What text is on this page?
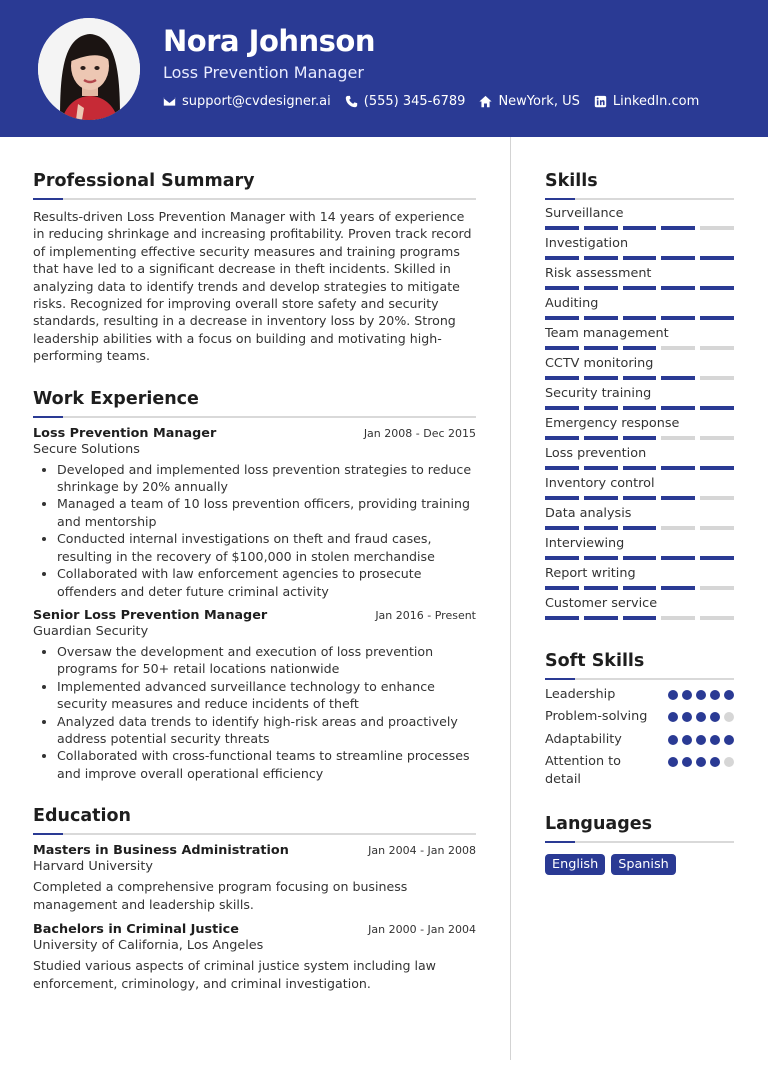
Nora Johnson
Loss Prevention Manager
support@cvdesigner.ai	(555) 345-6789	NewYork, US	LinkedIn.com
Professional Summary

Results-driven Loss Prevention Manager with 14 years of experience in reducing shrinkage and increasing profitability. Proven track record of implementing effective security measures and training programs that have led to a significant decrease in theft incidents. Skilled in analyzing data to identify trends and develop strategies to mitigate risks. Recognized for improving overall store safety and security standards, resulting in a decrease in inventory loss by 20%. Strong leadership abilities with a focus on building and motivating high-performing teams.

Work Experience
Loss Prevention Manager	Jan 2008 - Dec 2015
Secure Solutions
Developed and implemented loss prevention strategies to reduce shrinkage by 20% annually
Managed a team of 10 loss prevention officers, providing training and mentorship
Conducted internal investigations on theft and fraud cases, resulting in the recovery of $100,000 in stolen merchandise
Collaborated with law enforcement agencies to prosecute offenders and deter future criminal activity
Senior Loss Prevention Manager	Jan 2016 - Present
Guardian Security
Oversaw the development and execution of loss prevention programs for 50+ retail locations nationwide
Implemented advanced surveillance technology to enhance security measures and reduce incidents of theft
Analyzed data trends to identify high-risk areas and proactively address potential security threats
Collaborated with cross-functional teams to streamline processes and improve overall operational efficiency
Education
Masters in Business Administration	Jan 2004 - Jan 2008
Harvard University

Completed a comprehensive program focusing on business management and leadership skills.

Bachelors in Criminal Justice	Jan 2000 - Jan 2004
University of California, Los Angeles

Studied various aspects of criminal justice system including law enforcement, criminology, and criminal investigation.

Skills
Surveillance
Investigation
Risk assessment
Auditing
Team management
CCTV monitoring
Security training
Emergency response
Loss prevention
Inventory control
Data analysis
Interviewing
Report writing
Customer service
Soft Skills
Leadership
Problem-solving
Adaptability
Attention to detail
Languages
English	Spanish
